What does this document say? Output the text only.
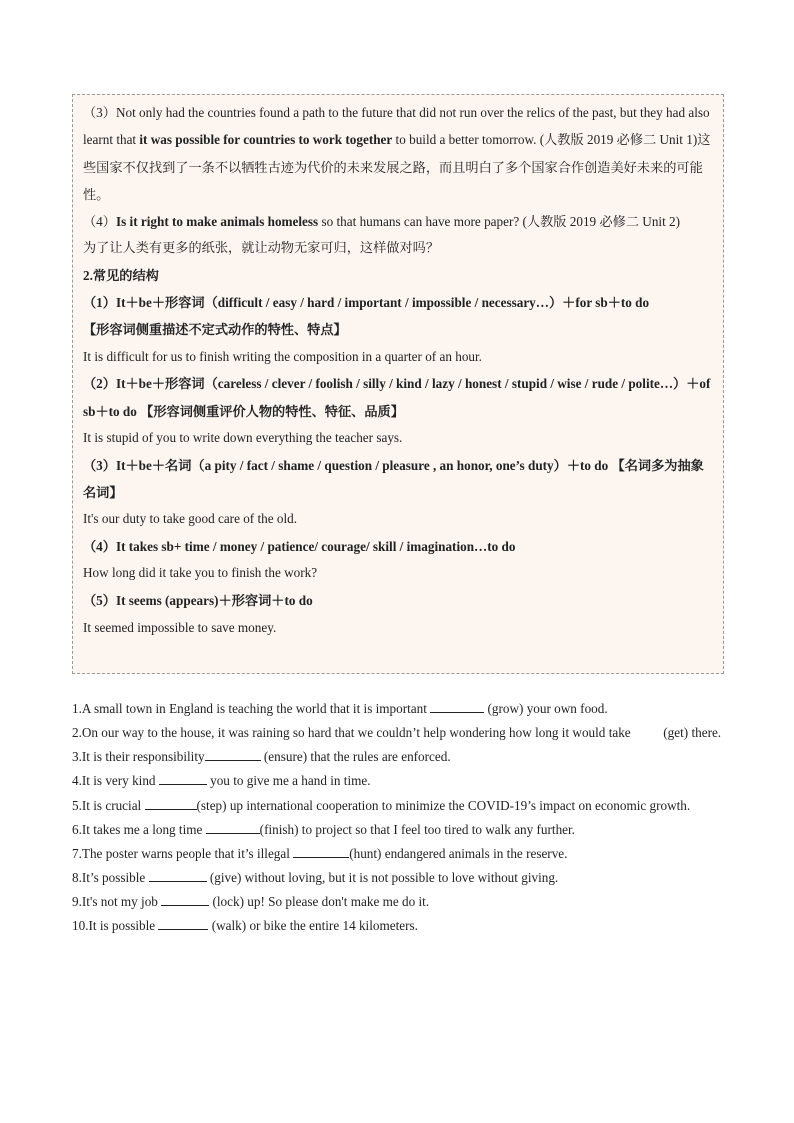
（3）Not only had the countries found a path to the future that did not run over the relics of the past, but they had also learnt that it was possible for countries to work together to build a better tomorrow. (人教版 2019 必修二 Unit 1)这些国家不仅找到了一条不以牺牲古迹为代价的未来发展之路，而且明白了多个国家合作创造美好未来的可能性。

（4）Is it right to make animals homeless so that humans can have more paper? (人教版 2019 必修二 Unit 2)

为了让人类有更多的纸张，就让动物无家可归，这样做对吗？

2.常见的结构

（1）It＋be＋形容词（difficult / easy / hard / important / impossible / necessary…）＋for sb＋to do

【形容词侧重描述不定式动作的特性、特点】

It is difficult for us to finish writing the composition in a quarter of an hour.

（2）It＋be＋形容词（careless / clever / foolish / silly / kind / lazy / honest / stupid / wise / rude / polite…）＋of sb＋to do 【形容词侧重评价人物的特性、特征、品质】

It is stupid of you to write down everything the teacher says.

（3）It＋be＋名词（a pity / fact / shame / question / pleasure , an honor, one’s duty）＋to do 【名词多为抽象名词】

It's our duty to take good care of the old.

（4）It takes sb+ time / money / patience/ courage/ skill / imagination…to do

How long did it take you to finish the work?

（5）It seems (appears)＋形容词＋to do

It seemed impossible to save money.

1.A small town in England is teaching the world that it is important	(grow) your own food.

2.On our way to the house, it was raining so hard that we couldn’t help wondering how long it would take  (get) there.

3.It is their responsibility	(ensure) that the rules are enforced.

4.It is very kind	you to give me a hand in time.

5.It is crucial	(step) up international cooperation to minimize the COVID-19’s impact on economic growth.

6.It takes me a long time	(finish) to project so that I feel too tired to walk any further.

7.The poster warns people that it’s illegal	(hunt) endangered animals in the reserve.

8.It’s possible	(give) without loving, but it is not possible to love without giving.

9.It's not my job	(lock) up! So please don't make me do it.

10.It is possible	(walk) or bike the entire 14 kilometers.
